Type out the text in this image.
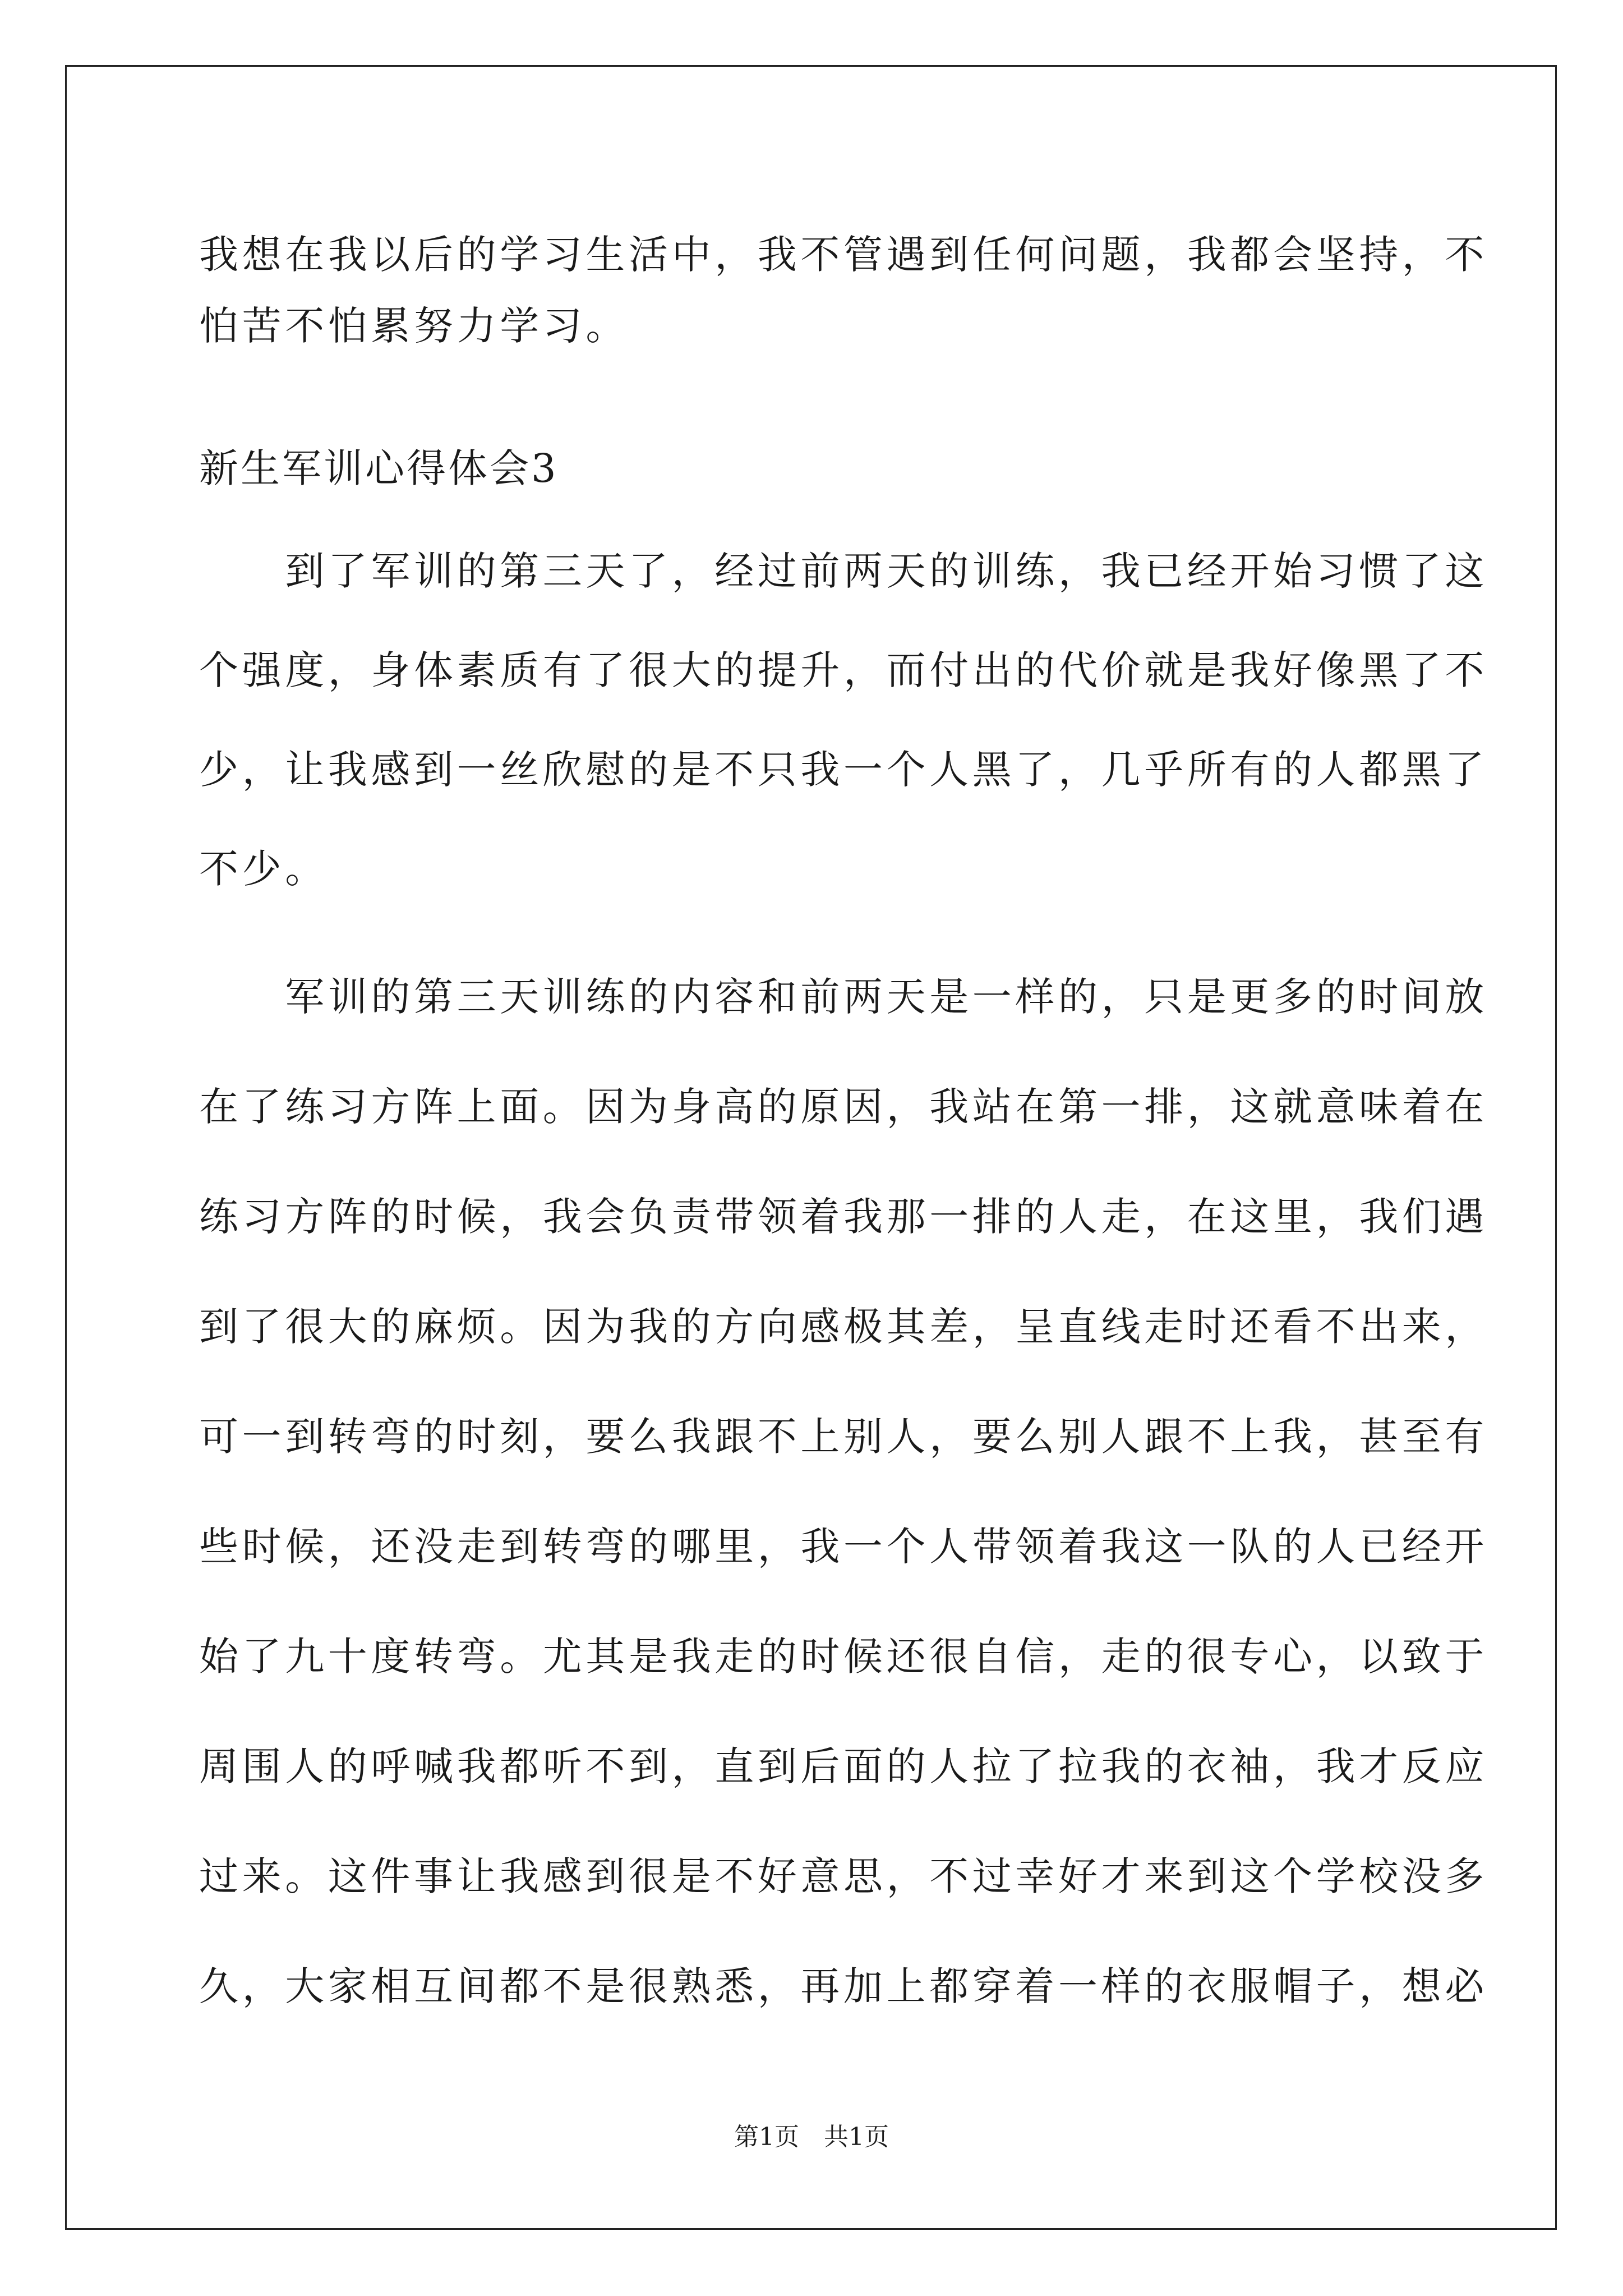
我想在我以后的学习生活中，我不管遇到任何问题，我都会坚持，不
怕苦不怕累努力学习。
新生军训心得体会3
　　到了军训的第三天了，经过前两天的训练，我已经开始习惯了这
个强度，身体素质有了很大的提升，而付出的代价就是我好像黑了不
少，让我感到一丝欣慰的是不只我一个人黑了，几乎所有的人都黑了
不少。
　　军训的第三天训练的内容和前两天是一样的，只是更多的时间放
在了练习方阵上面。因为身高的原因，我站在第一排，这就意味着在
练习方阵的时候，我会负责带领着我那一排的人走，在这里，我们遇
到了很大的麻烦。因为我的方向感极其差，呈直线走时还看不出来，
可一到转弯的时刻，要么我跟不上别人，要么别人跟不上我，甚至有
些时候，还没走到转弯的哪里，我一个人带领着我这一队的人已经开
始了九十度转弯。尤其是我走的时候还很自信，走的很专心，以致于
周围人的呼喊我都听不到，直到后面的人拉了拉我的衣袖，我才反应
过来。这件事让我感到很是不好意思，不过幸好才来到这个学校没多
久，大家相互间都不是很熟悉，再加上都穿着一样的衣服帽子，想必
第1页　共1页
